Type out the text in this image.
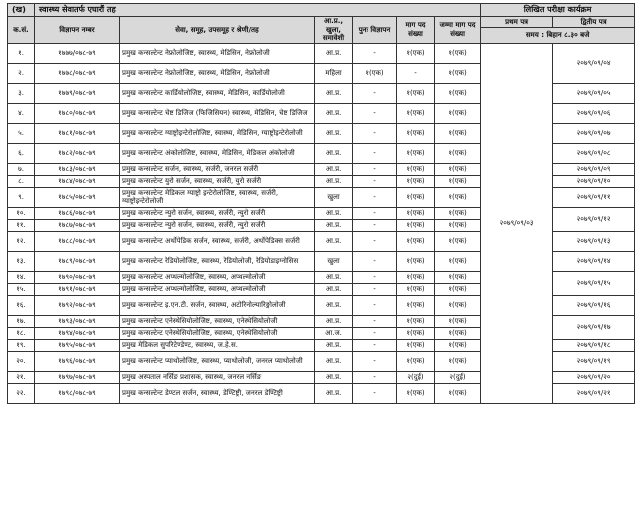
(ख)	स्वास्थ्य सेवातर्फ एघारौं तह						लिखित परीक्षा कार्यक्रम	
क.सं.	विज्ञापन नम्बर	सेवा, समूह, उपसमूह र श्रेणी/तह	आ.प्र., खुला, समावेशी	पुनः विज्ञापन	माग पद संख्या	जम्मा माग पद संख्या	प्रथम पत्र	द्वितीय पत्र
							समय : बिहान ८.३० बजे	

१.	१७७७/०७८-७९	प्रमुख कन्सल्टेन्ट नेफ्रोलोजिष्ट, स्वास्थ्य, मेडिसिन, नेफ्रोलोजी	आ.प्र.	-	१(एक)	१(एक)	२०७९/०९/०३	२०७९/०९/०४
२.	१७७८/०७८-७९	प्रमुख कन्सल्टेन्ट नेफ्रोलोजिष्ट, स्वास्थ्य, मेडिसिन, नेफ्रोलोजी	महिला	१(एक)	-	१(एक)		
३.	१७७९/०७८-७९	प्रमुख कन्सल्टेन्ट कार्डियोलोजिष्ट, स्वास्थ्य, मेडिसिन, कार्डियोलोजी	आ.प्र.	-	१(एक)	१(एक)		२०७९/०९/०५
४.	१७८०/०७८-७९	प्रमुख कन्सल्टेन्ट चेष्ट डिजिज (फिजिसियन) स्वास्थ्य, मेडिसिन, चेष्ट डिजिज	आ.प्र.	-	१(एक)	१(एक)		२०७९/०९/०६
५.	१७८१/०७८-७९	प्रमुख कन्सल्टेन्ट ग्याष्ट्रोइन्टेरोलोजिष्ट, स्वास्थ्य, मेडिसिन, ग्याष्ट्रोइन्टेरोलोजी	आ.प्र.	-	१(एक)	१(एक)		२०७९/०९/०७
६.	१७८२/०७८-७९	प्रमुख कन्सल्टेन्ट अंकोलोजिष्ट, स्वास्थ्य, मेडिसिन, मेडिकल अंकोलोजी	आ.प्र.	-	१(एक)	१(एक)		२०७९/०९/०८
७.	१७८३/०७८-७९	प्रमुख कन्सल्टेन्ट सर्जन, स्वास्थ्य, सर्जरी, जनरल सर्जरी	आ.प्र.	-	१(एक)	१(एक)		२०७९/०९/०९
८.	१७८४/०७८-७९	प्रमुख कन्सल्टेन्ट युरो सर्जन, स्वास्थ्य, सर्जरी, युरो सर्जरी	आ.प्र.	-	१(एक)	१(एक)		२०७९/०९/१०
९.	१७८५/०७८-७९	प्रमुख कन्सल्टेन्ट मेडिकल ग्याष्ट्रो इन्टेरोलोजिष्ट, स्वास्थ्य, सर्जरी, ग्याष्ट्रोइन्टेरोलोजी	खुला	-	१(एक)	१(एक)		२०७९/०९/११
१०.	१७८६/०७८-७९	प्रमुख कन्सल्टेन्ट न्युरो सर्जन, स्वास्थ्य, सर्जरी, न्युरो सर्जरी	आ.प्र.	-	१(एक)	१(एक)		२०७९/०९/१२
११.	१७८७/०७८-७९	प्रमुख कन्सल्टेन्ट न्युरो सर्जन, स्वास्थ्य, सर्जरी, न्युरो सर्जरी	आ.प्र.	-	१(एक)	१(एक)		
१२.	१७८८/०७८-७९	प्रमुख कन्सल्टेन्ट अर्थोपेडिक सर्जन, स्वास्थ्य, सर्जरी, अर्थोपेडिक्स सर्जरी	आ.प्र.	-	१(एक)	१(एक)		२०७९/०९/१३
१३.	१७८९/०७८-७९	प्रमुख कन्सल्टेन्ट रेडियोलोजिष्ट, स्वास्थ्य, रेडियोलोजी, रेडियोडाइग्नोसिस	खुला	-	१(एक)	१(एक)		२०७९/०९/१४
१४.	१७९०/०७८-७९	प्रमुख कन्सल्टेन्ट अप्थल्मोलोजिष्ट, स्वास्थ्य, अप्थल्मोलोजी	आ.प्र.	-	१(एक)	१(एक)		२०७९/०९/१५
१५.	१७९१/०७८-७९	प्रमुख कन्सल्टेन्ट अप्थल्मोलोजिष्ट, स्वास्थ्य, अप्थल्मोलोजी	आ.प्र.	-	१(एक)	१(एक)		
१६.	१७९२/०७८-७९	प्रमुख कन्सल्टेन्ट इ.एन.टी. सर्जन, स्वास्थ्य, अटोरिनोल्यारिङ्गोलोजी	आ.प्र.	-	१(एक)	१(एक)		२०७९/०९/१६
१७.	१७९३/०७८-७९	प्रमुख कन्सल्टेन्ट एनेस्थेसियोलोजिष्ट, स्वास्थ्य, एनेस्थेसियोलोजी	आ.प्र.	-	१(एक)	१(एक)		२०७९/०९/१७
१८.	१७९४/०७८-७९	प्रमुख कन्सल्टेन्ट एनेस्थेसियोलोजिष्ट, स्वास्थ्य, एनेस्थेसियोलोजी	आ.ज.	-	१(एक)	१(एक)		
१९.	१७९५/०७८-७९	प्रमुख मेडिकल सुपरिटेण्डेण्ट, स्वास्थ्य, ज.हे.स.	आ.प्र.	-	१(एक)	१(एक)		२०७९/०९/१८
२०.	१७९६/०७८-७९	प्रमुख कन्सल्टेन्ट प्याथोलोजिष्ट, स्वास्थ्य, प्याथोलोजी, जनरल प्याथोलोजी	आ.प्र.	-	१(एक)	१(एक)		२०७९/०९/१९
२१.	१७९७/०७८-७९	प्रमुख अस्पताल नर्सिङ प्रशासक, स्वास्थ्य, जनरल नर्सिङ	आ.प्र.	-	२(दुई)	२(दुई)		२०७९/०९/२०
२२.	१७९८/०७८-७९	प्रमुख कन्सल्टेन्ट डेण्टल सर्जन, स्वास्थ्य, डेण्टिष्ट्री, जनरल डेण्टिष्ट्री	आ.प्र.	-	१(एक)	१(एक)		२०७९/०९/२१
